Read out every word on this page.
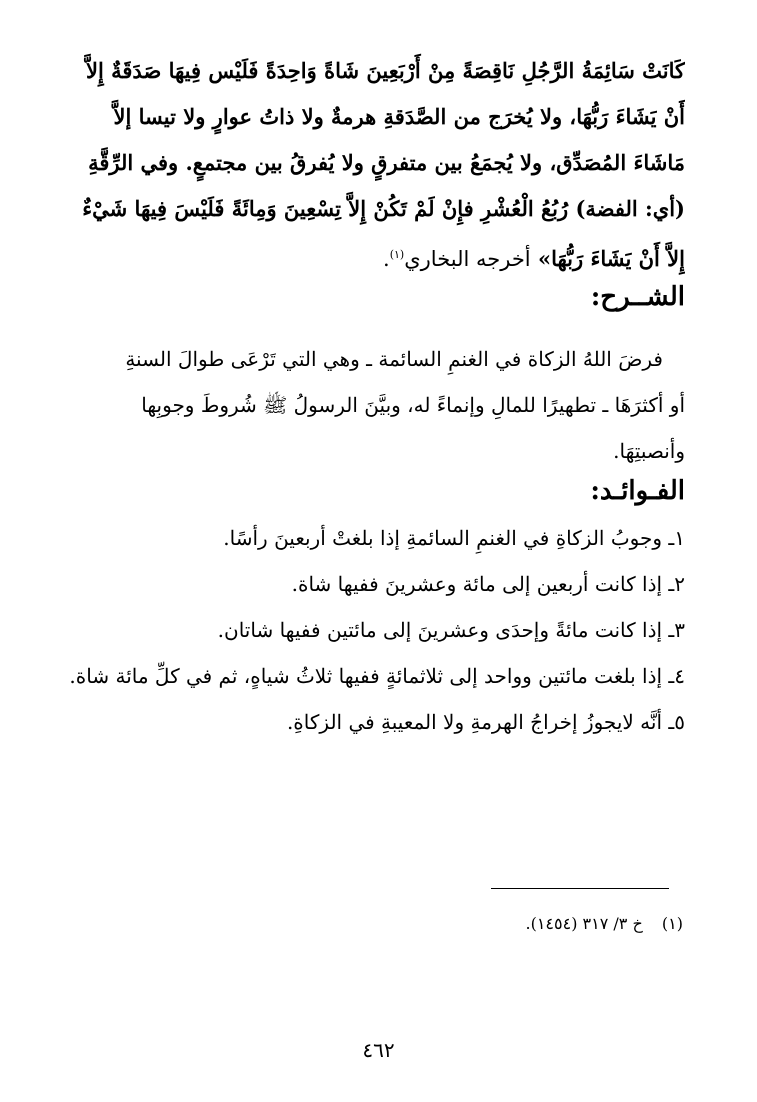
كَانَتْ سَائِمَةُ الرَّجُلِ نَاقِصَةً مِنْ أَرْبَعِينَ شَاةً وَاحِدَةً فَلَيْس فِيهَا صَدَقَةٌ إِلاَّ
أَنْ يَشَاءَ رَبُّهَا، ولا يُخرَج من الصَّدَقةِ هرمةٌ ولا ذاتُ عوارٍ ولا تيسا إلاَّ
مَاشَاءَ المُصَدِّق، ولا يُجمَعُ بين متفرقٍ ولا يُفرقُ بين مجتمعٍ. وفي الرِّقَّةِ
(أي: الفضة) رُبُعُ الْعُشْرِ فإِنْ لَمْ تَكُنْ إِلاَّ تِسْعِينَ وَمِائَةً فَلَيْسَ فِيهَا شَيْءٌ
إِلاَّ أَنْ يَشَاءَ رَبُّهَا» أخرجه البخاري$^{(١)}$.
الشــرح:
فرضَ اللهُ الزكاة في الغنمِ السائمة ـ وهي التي تَرْعَى طوالَ السنةِ
أو أكثرَهَا ـ تطهيرًا للمالِ وإنماءً له، وبيَّنَ الرسولُ ﷺ شُروطَ وجوبِها
وأنصبتِهَا.
الفـوائـد:
١ـ وجوبُ الزكاةِ في الغنمِ السائمةِ إذا بلغتْ أربعينَ رأسًا.
٢ـ إذا كانت أربعين إلى مائة وعشرينَ ففيها شاة.
٣ـ إذا كانت مائةً وإحدَى وعشرينَ إلى مائتين ففيها شاتان.
٤ـ إذا بلغت مائتين وواحد إلى ثلاثمائةٍ ففيها ثلاثُ شياهٍ، ثم في كلِّ مائة شاة.
٥ـ أنَّه لايجوزُ إخراجُ الهرمةِ ولا المعيبةِ في الزكاةِ.
(١) خ ٣/ ٣١٧ (١٤٥٤).
٤٦٢
